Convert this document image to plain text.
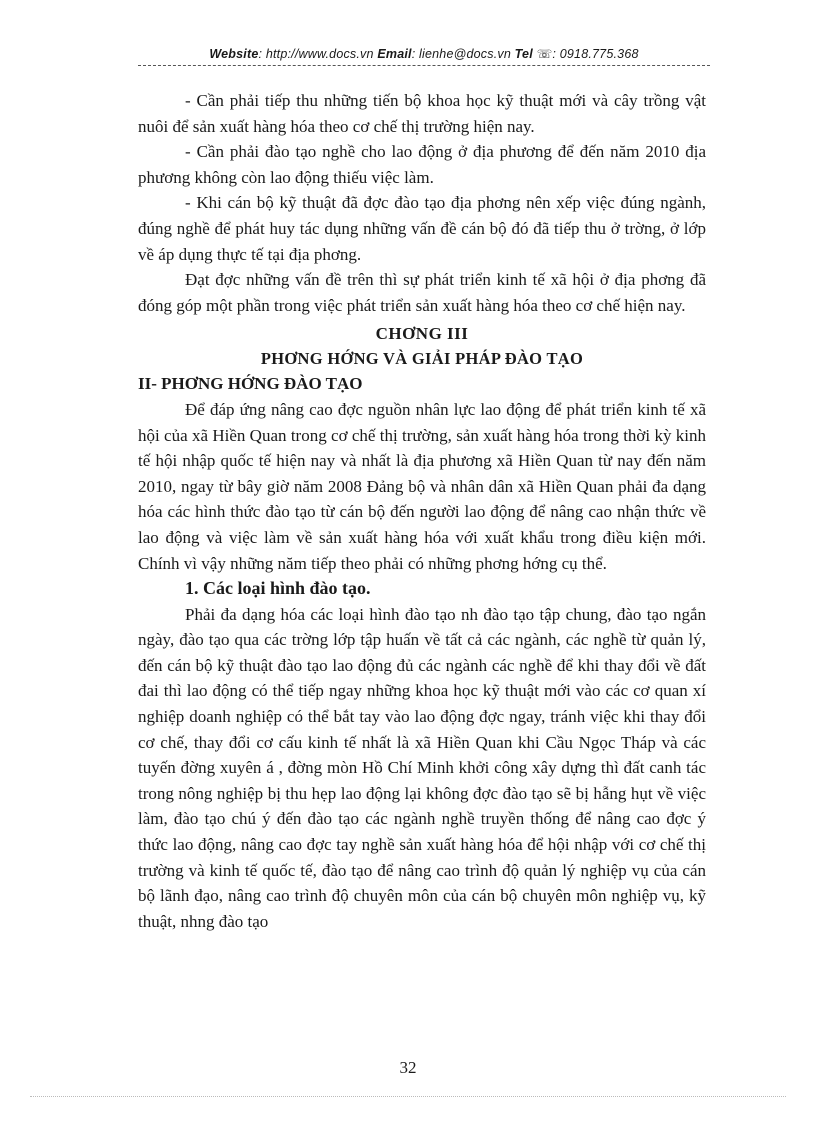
Website: http://www.docs.vn Email: lienhe@docs.vn Tel ☏: 0918.775.368

- Cần phải tiếp thu những tiến bộ khoa học kỹ thuật mới và cây trồng vật nuôi để sản xuất hàng hóa theo cơ chế thị trường hiện nay.

- Cần phải đào tạo nghề cho lao động ở địa phương để đến năm 2010 địa phương không còn lao động thiếu việc làm.

- Khi cán bộ kỹ thuật đã đợc đào tạo địa phơng nên xếp việc đúng ngành, đúng nghề để phát huy tác dụng những vấn đề cán bộ đó đã tiếp thu ở trờng, ở lớp về áp dụng thực tế tại địa phơng.

Đạt đợc những vấn đề trên thì sự phát triển kinh tế xã hội ở địa phơng đã đóng góp một phần trong việc phát triển sản xuất hàng hóa theo cơ chế hiện nay.

CHƠNG III
PHƠNG HỚNG VÀ GIẢI PHÁP ĐÀO TẠO

II- PHƠNG HỚNG ĐÀO TẠO

Để đáp ứng nâng cao đợc nguồn nhân lực lao động để phát triển kinh tế xã hội của xã Hiền Quan trong cơ chế thị trường, sản xuất hàng hóa trong thời kỳ kinh tế hội nhập quốc tế hiện nay và nhất là địa phương xã Hiền Quan từ nay đến năm 2010, ngay từ bây giờ năm 2008 Đảng bộ và nhân dân xã Hiền Quan phải đa dạng hóa các hình thức đào tạo từ cán bộ đến người lao động để nâng cao nhận thức về lao động và việc làm về sản xuất hàng hóa với xuất khẩu trong điều kiện mới. Chính vì vậy những năm tiếp theo phải có những phơng hớng cụ thể.

1. Các loại hình đào tạo.

Phải đa dạng hóa các loại hình đào tạo nh đào tạo tập chung, đào tạo ngắn ngày, đào tạo qua các trờng lớp tập huấn về tất cả các ngành, các nghề từ quản lý, đến cán bộ kỹ thuật đào tạo lao động đủ các ngành các nghề để khi thay đổi về đất đai thì lao động có thể tiếp ngay những khoa học kỹ thuật mới vào các cơ quan xí nghiệp doanh nghiệp có thể bắt tay vào lao động đợc ngay, tránh việc khi thay đổi cơ chế, thay đổi cơ cấu kinh tế nhất là xã Hiền Quan khi Cầu Ngọc Tháp và các tuyến đờng xuyên á , đờng mòn Hồ Chí Minh khởi công xây dựng thì đất canh tác trong nông nghiệp bị thu hẹp lao động lại không đợc đào tạo sẽ bị hẫng hụt về việc làm, đào tạo chú ý đến đào tạo các ngành nghề truyền thống để nâng cao đợc ý thức lao động, nâng cao đợc tay nghề sản xuất hàng hóa để hội nhập với cơ chế thị trường và kinh tế quốc tế, đào tạo để nâng cao trình độ quản lý nghiệp vụ của cán bộ lãnh đạo, nâng cao trình độ chuyên môn của cán bộ chuyên môn nghiệp vụ, kỹ thuật, nhng đào tạo

32
